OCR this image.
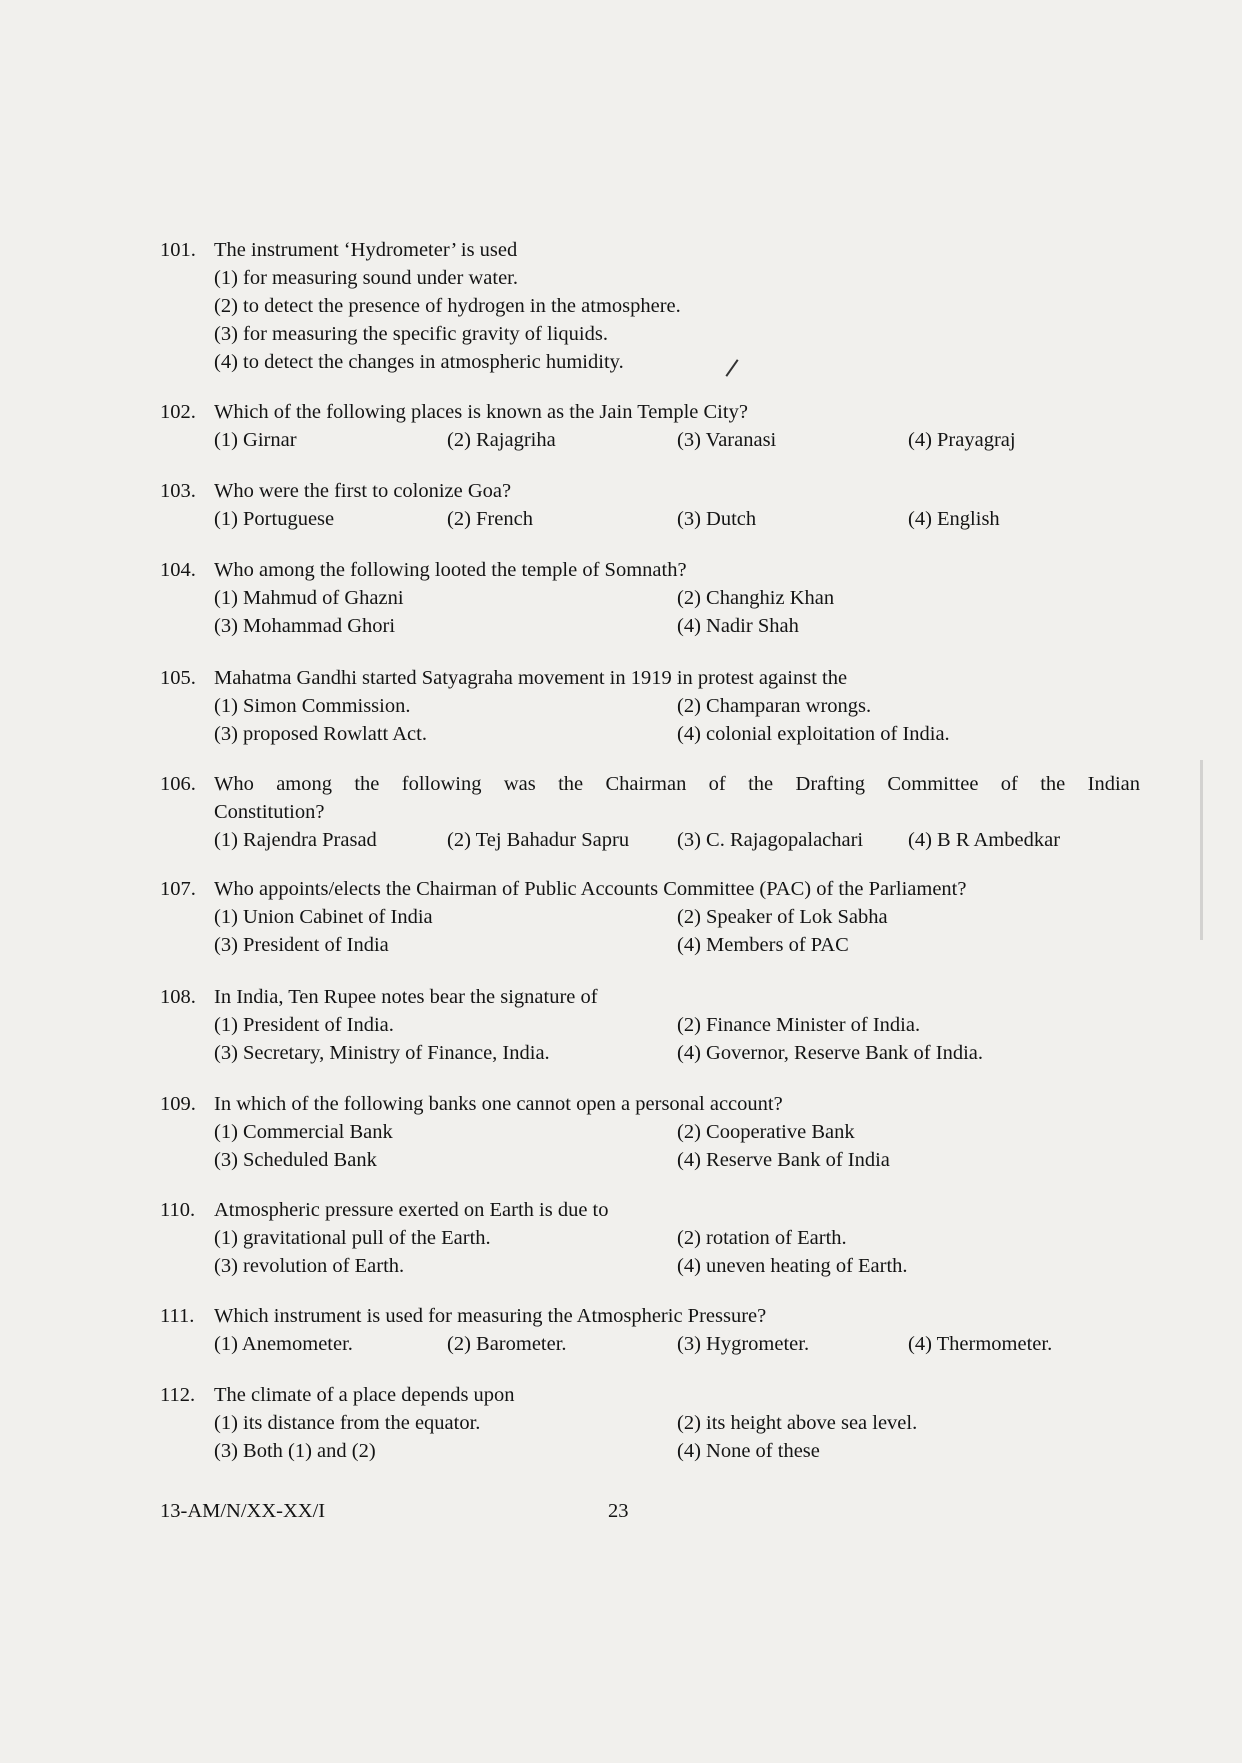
101. The instrument ‘Hydrometer’ is used
(1) for measuring sound under water.
(2) to detect the presence of hydrogen in the atmosphere.
(3) for measuring the specific gravity of liquids.
(4) to detect the changes in atmospheric humidity.
102. Which of the following places is known as the Jain Temple City?
(1) Girnar	(2) Rajagriha	(3) Varanasi	(4) Prayagraj
103. Who were the first to colonize Goa?
(1) Portuguese	(2) French	(3) Dutch	(4) English
104. Who among the following looted the temple of Somnath?
(1) Mahmud of Ghazni	(2) Changhiz Khan
(3) Mohammad Ghori	(4) Nadir Shah
105. Mahatma Gandhi started Satyagraha movement in 1919 in protest against the
(1) Simon Commission.	(2) Champaran wrongs.
(3) proposed Rowlatt Act.	(4) colonial exploitation of India.
106. Who among the following was the Chairman of the Drafting Committee of the Indian
Constitution?
(1) Rajendra Prasad	(2) Tej Bahadur Sapru	(3) C. Rajagopalachari	(4) B R Ambedkar
107. Who appoints/elects the Chairman of Public Accounts Committee (PAC) of the Parliament?
(1) Union Cabinet of India	(2) Speaker of Lok Sabha
(3) President of India	(4) Members of PAC
108. In India, Ten Rupee notes bear the signature of
(1) President of India.	(2) Finance Minister of India.
(3) Secretary, Ministry of Finance, India.	(4) Governor, Reserve Bank of India.
109. In which of the following banks one cannot open a personal account?
(1) Commercial Bank	(2) Cooperative Bank
(3) Scheduled Bank	(4) Reserve Bank of India
110. Atmospheric pressure exerted on Earth is due to
(1) gravitational pull of the Earth.	(2) rotation of Earth.
(3) revolution of Earth.	(4) uneven heating of Earth.
111. Which instrument is used for measuring the Atmospheric Pressure?
(1) Anemometer.	(2) Barometer.	(3) Hygrometer.	(4) Thermometer.
112. The climate of a place depends upon
(1) its distance from the equator.	(2) its height above sea level.
(3) Both (1) and (2)	(4) None of these
13-AM/N/XX-XX/I	23
